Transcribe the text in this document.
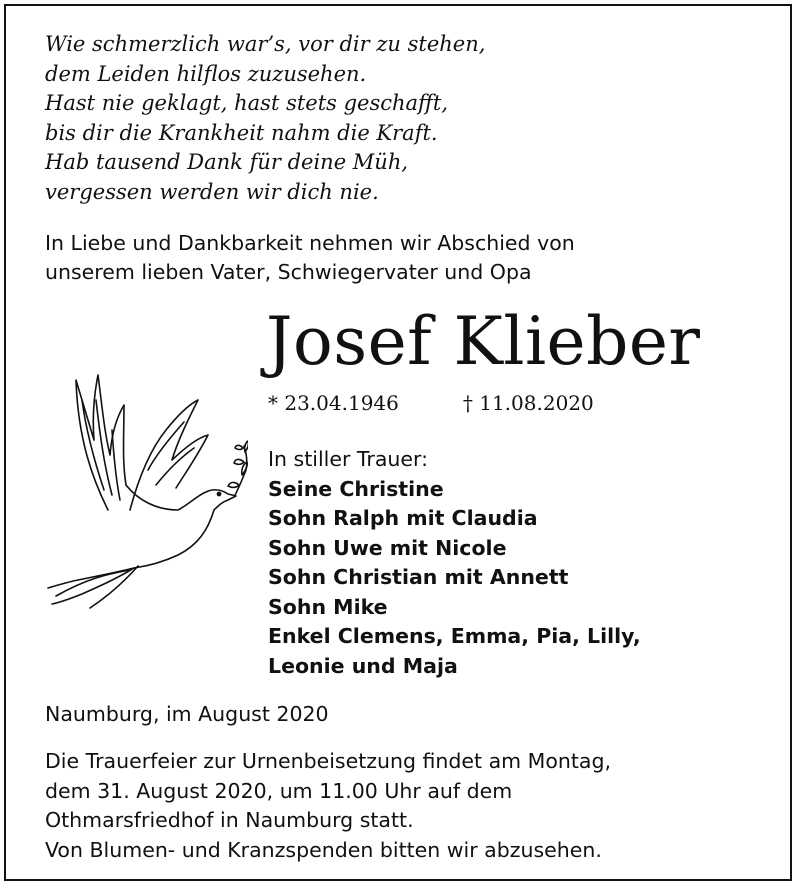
Wie schmerzlich war’s, vor dir zu stehen,
dem Leiden hilflos zuzusehen.
Hast nie geklagt, hast stets geschafft,
bis dir die Krankheit nahm die Kraft.
Hab tausend Dank für deine Müh,
vergessen werden wir dich nie.
In Liebe und Dankbarkeit nehmen wir Abschied von
unserem lieben Vater, Schwiegervater und Opa
Josef Klieber
* 23.04.1946	† 11.08.2020
In stiller Trauer:
Seine Christine
Sohn Ralph mit Claudia
Sohn Uwe mit Nicole
Sohn Christian mit Annett
Sohn Mike
Enkel Clemens, Emma, Pia, Lilly,
Leonie und Maja
Naumburg, im August 2020
Die Trauerfeier zur Urnenbeisetzung findet am Montag,
dem 31. August 2020, um 11.00 Uhr auf dem
Othmarsfriedhof in Naumburg statt.
Von Blumen- und Kranzspenden bitten wir abzusehen.
